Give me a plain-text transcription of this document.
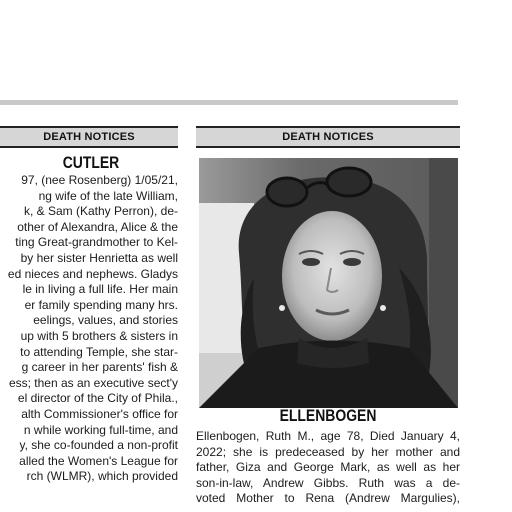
DEATH NOTICES
CUTLER
97, (nee Rosenberg) 1/05/21,
ng wife of the late William,
k, & Sam (Kathy Perron), de-
other of Alexandra, Alice & the
ting Great-grandmother to Kel-
by her sister Henrietta as well
ed nieces and nephews. Gladys
le in living a full life. Her main
er family spending many hrs.
eelings, values, and stories
up with 5 brothers & sisters in
to attending Temple, she star-
g career in her parents' fish &
ess; then as an executive sect'y
el director of the City of Phila.,
alth Commissioner's office for
n while working full-time, and
y, she co-founded a non-profit
alled the Women's League for
rch (WLMR), which provided
DEATH NOTICES
ELLENBOGEN
Ellenbogen, Ruth M., age 78, Died January 4,
2022; she is predeceased by her mother and
father, Giza and George Mark, as well as her
son-in-law, Andrew Gibbs. Ruth was a de-
voted Mother to Rena (Andrew Margulies),
